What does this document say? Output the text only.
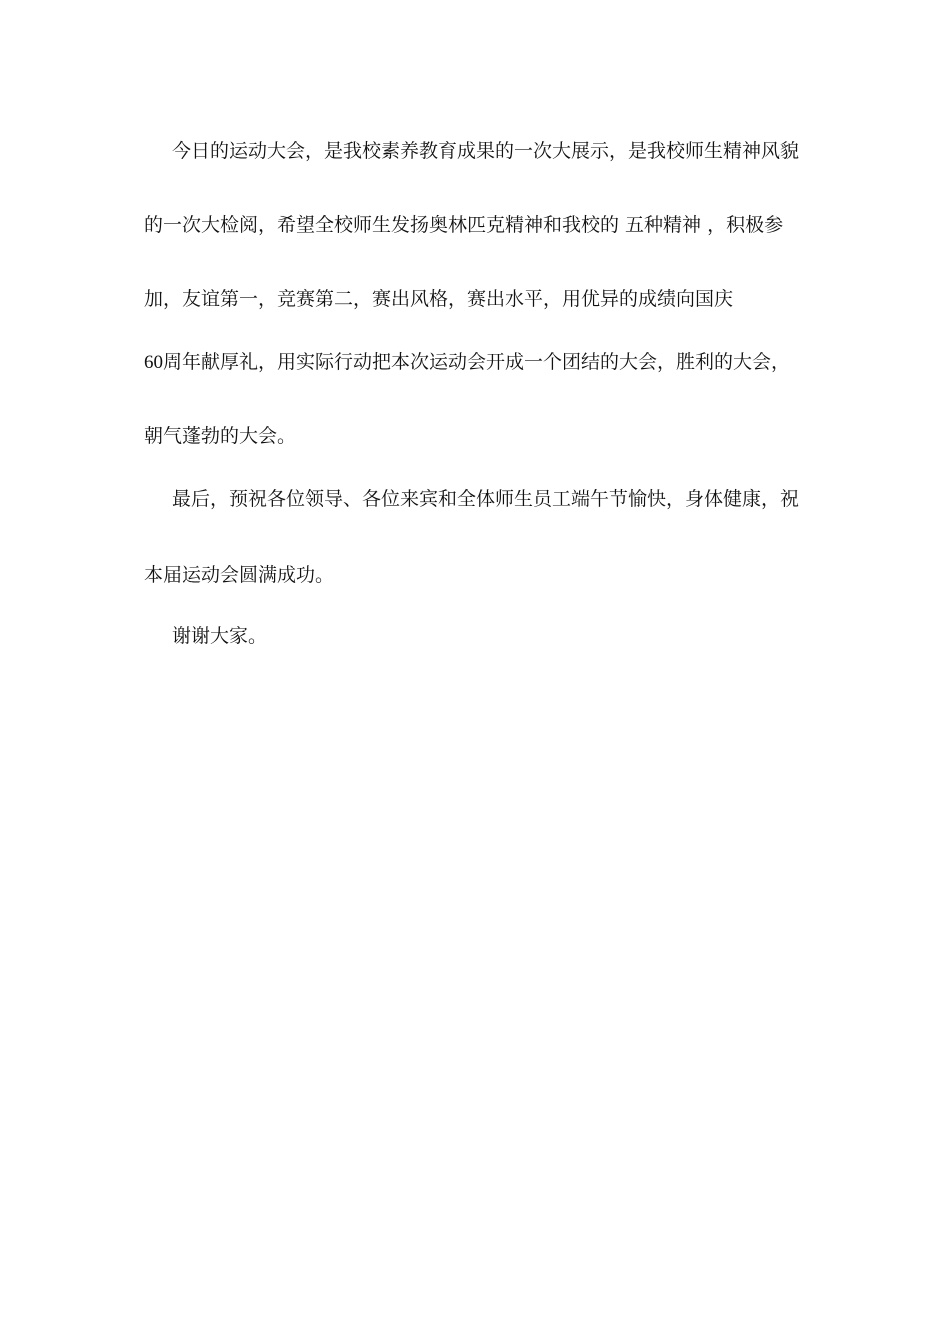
今日的运动大会，是我校素养教育成果的一次大展示，是我校师生精神风貌
的一次大检阅，希望全校师生发扬奥林匹克精神和我校的 五种精神 ，积极参
加，友谊第一，竞赛第二，赛出风格，赛出水平，用优异的成绩向国庆
60周年献厚礼，用实际行动把本次运动会开成一个团结的大会，胜利的大会，
朝气蓬勃的大会。
最后，预祝各位领导、各位来宾和全体师生员工端午节愉快，身体健康，祝
本届运动会圆满成功。
谢谢大家。
